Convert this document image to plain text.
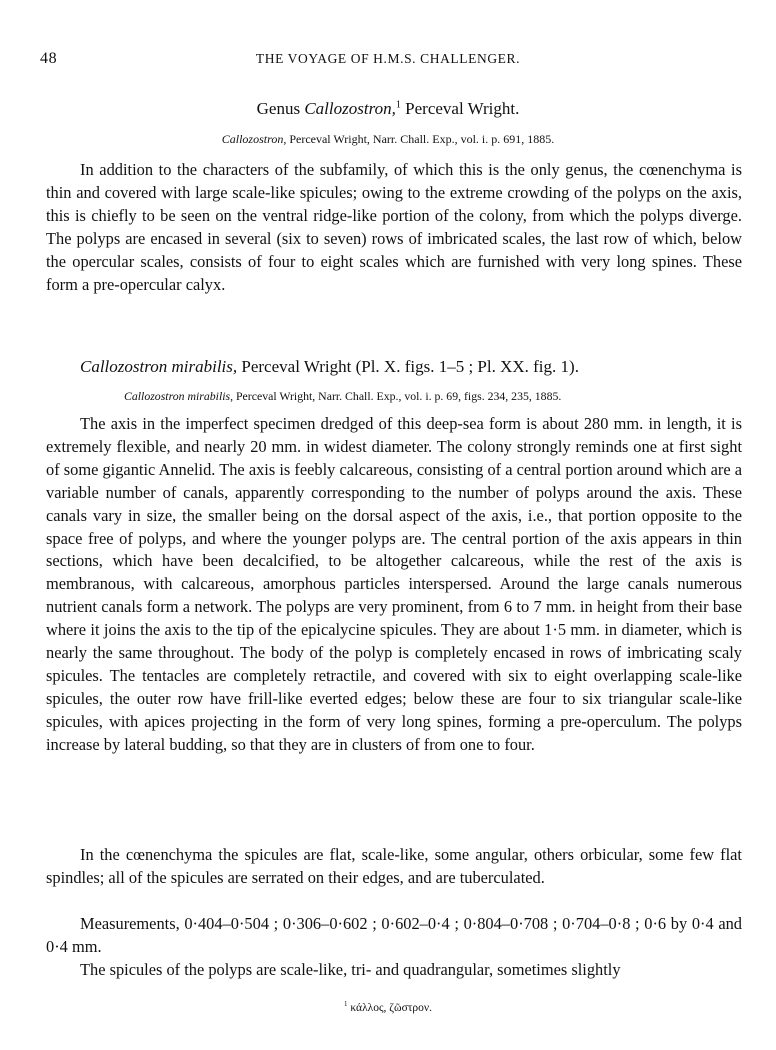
48	THE VOYAGE OF H.M.S. CHALLENGER.
Genus Callozostron,$^1$ Perceval Wright.
Callozostron, Perceval Wright, Narr. Chall. Exp., vol. i. p. 691, 1885.

In addition to the characters of the subfamily, of which this is the only genus, the cœnenchyma is thin and covered with large scale-like spicules; owing to the extreme crowding of the polyps on the axis, this is chiefly to be seen on the ventral ridge-like portion of the colony, from which the polyps diverge. The polyps are encased in several (six to seven) rows of imbricated scales, the last row of which, below the opercular scales, consists of four to eight scales which are furnished with very long spines. These form a pre-opercular calyx.

Callozostron mirabilis, Perceval Wright (Pl. X. figs. 1–5 ; Pl. XX. fig. 1).
Callozostron mirabilis, Perceval Wright, Narr. Chall. Exp., vol. i. p. 69, figs. 234, 235, 1885.

The axis in the imperfect specimen dredged of this deep-sea form is about 280 mm. in length, it is extremely flexible, and nearly 20 mm. in widest diameter. The colony strongly reminds one at first sight of some gigantic Annelid. The axis is feebly calcareous, consisting of a central portion around which are a variable number of canals, apparently corresponding to the number of polyps around the axis. These canals vary in size, the smaller being on the dorsal aspect of the axis, i.e., that portion opposite to the space free of polyps, and where the younger polyps are. The central portion of the axis appears in thin sections, which have been decalcified, to be altogether calcareous, while the rest of the axis is membranous, with calcareous, amorphous particles interspersed. Around the large canals numerous nutrient canals form a network. The polyps are very prominent, from 6 to 7 mm. in height from their base where it joins the axis to the tip of the epicalycine spicules. They are about 1·5 mm. in diameter, which is nearly the same throughout. The body of the polyp is completely encased in rows of imbricating scaly spicules. The tentacles are completely retractile, and covered with six to eight overlapping scale-like spicules, the outer row have frill-like everted edges; below these are four to six triangular scale-like spicules, with apices projecting in the form of very long spines, forming a pre-operculum. The polyps increase by lateral budding, so that they are in clusters of from one to four.

In the cœnenchyma the spicules are flat, scale-like, some angular, others orbicular, some few flat spindles; all of the spicules are serrated on their edges, and are tuberculated.

Measurements, 0·404–0·504 ; 0·306–0·602 ; 0·602–0·4 ; 0·804–0·708 ; 0·704–0·8 ; 0·6 by 0·4 and 0·4 mm.

The spicules of the polyps are scale-like, tri- and quadrangular, sometimes slightly

$^1$ κάλλος, ζῶστρον.
